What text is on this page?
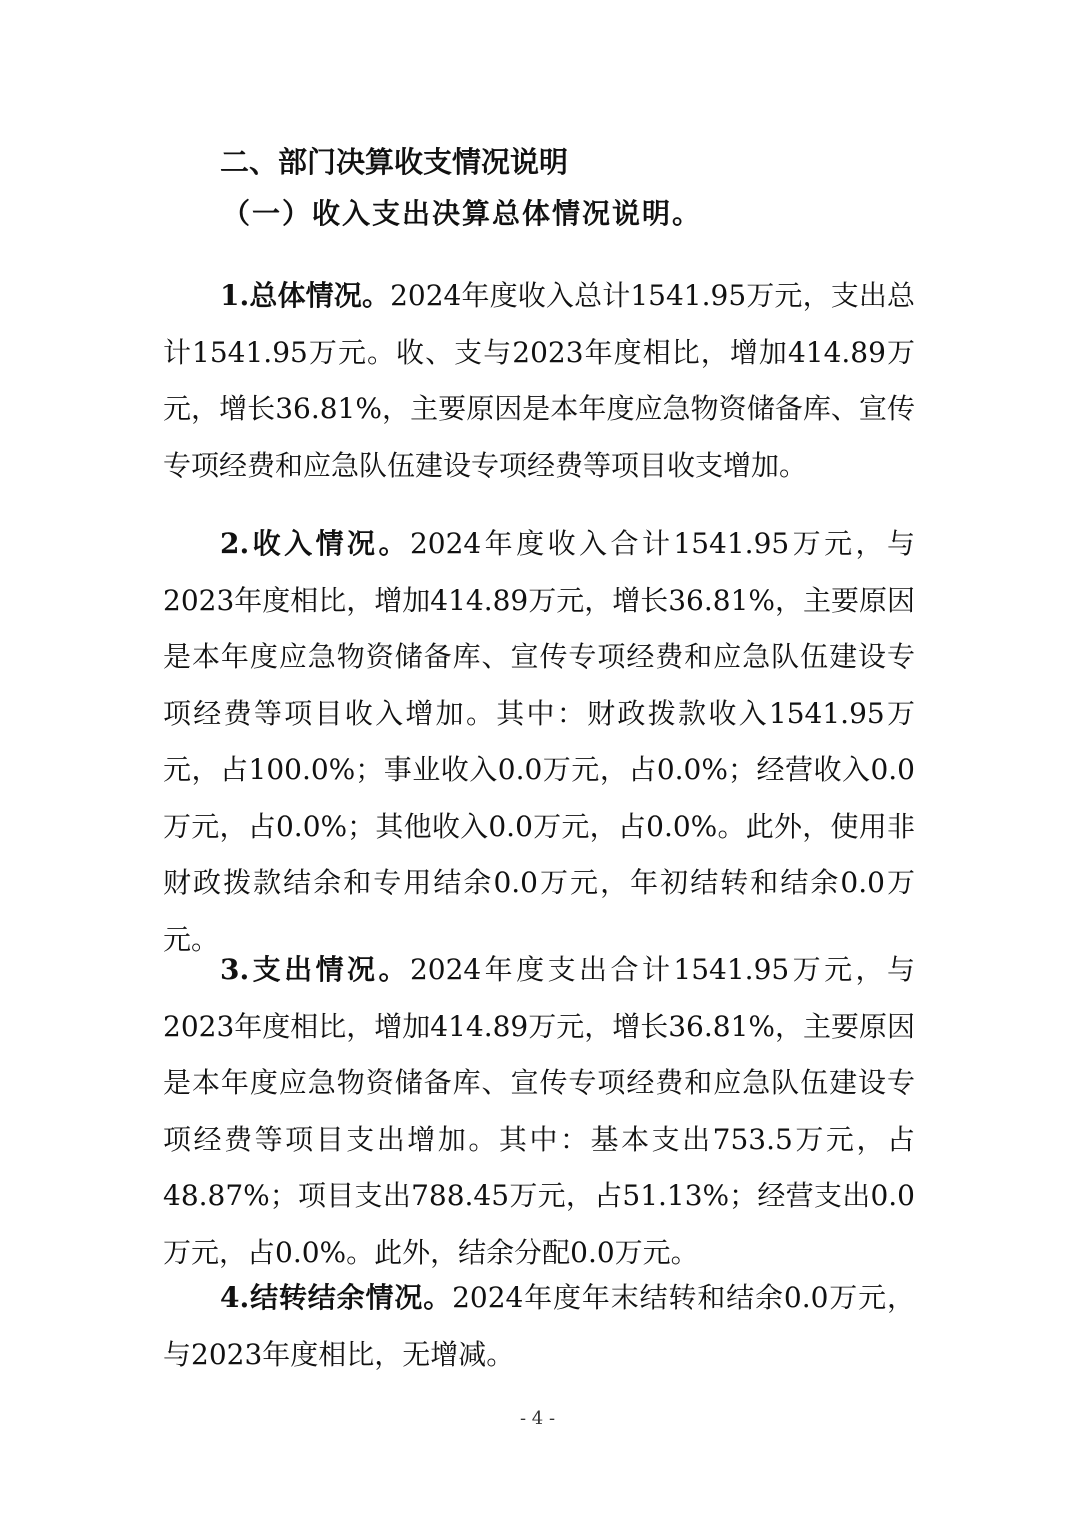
二、部门决算收支情况说明
（一）收入支出决算总体情况说明。

1.总体情况。2024年度收入总计1541.95万元，支出总计1541.95万元。收、支与2023年度相比，增加414.89万元，增长36.81%，主要原因是本年度应急物资储备库、宣传专项经费和应急队伍建设专项经费等项目收支增加。

2.收入情况。2024年度收入合计1541.95万元，与2023年度相比，增加414.89万元，增长36.81%，主要原因是本年度应急物资储备库、宣传专项经费和应急队伍建设专项经费等项目收入增加。其中：财政拨款收入1541.95万元，占100.0%；事业收入0.0万元，占0.0%；经营收入0.0万元，占0.0%；其他收入0.0万元，占0.0%。此外，使用非财政拨款结余和专用结余0.0万元，年初结转和结余0.0万元。

3.支出情况。2024年度支出合计1541.95万元，与2023年度相比，增加414.89万元，增长36.81%，主要原因是本年度应急物资储备库、宣传专项经费和应急队伍建设专项经费等项目支出增加。其中：基本支出753.5万元，占48.87%；项目支出788.45万元，占51.13%；经营支出0.0万元，占0.0%。此外，结余分配0.0万元。

4.结转结余情况。2024年度年末结转和结余0.0万元，与2023年度相比，无增减。

- 4 -
